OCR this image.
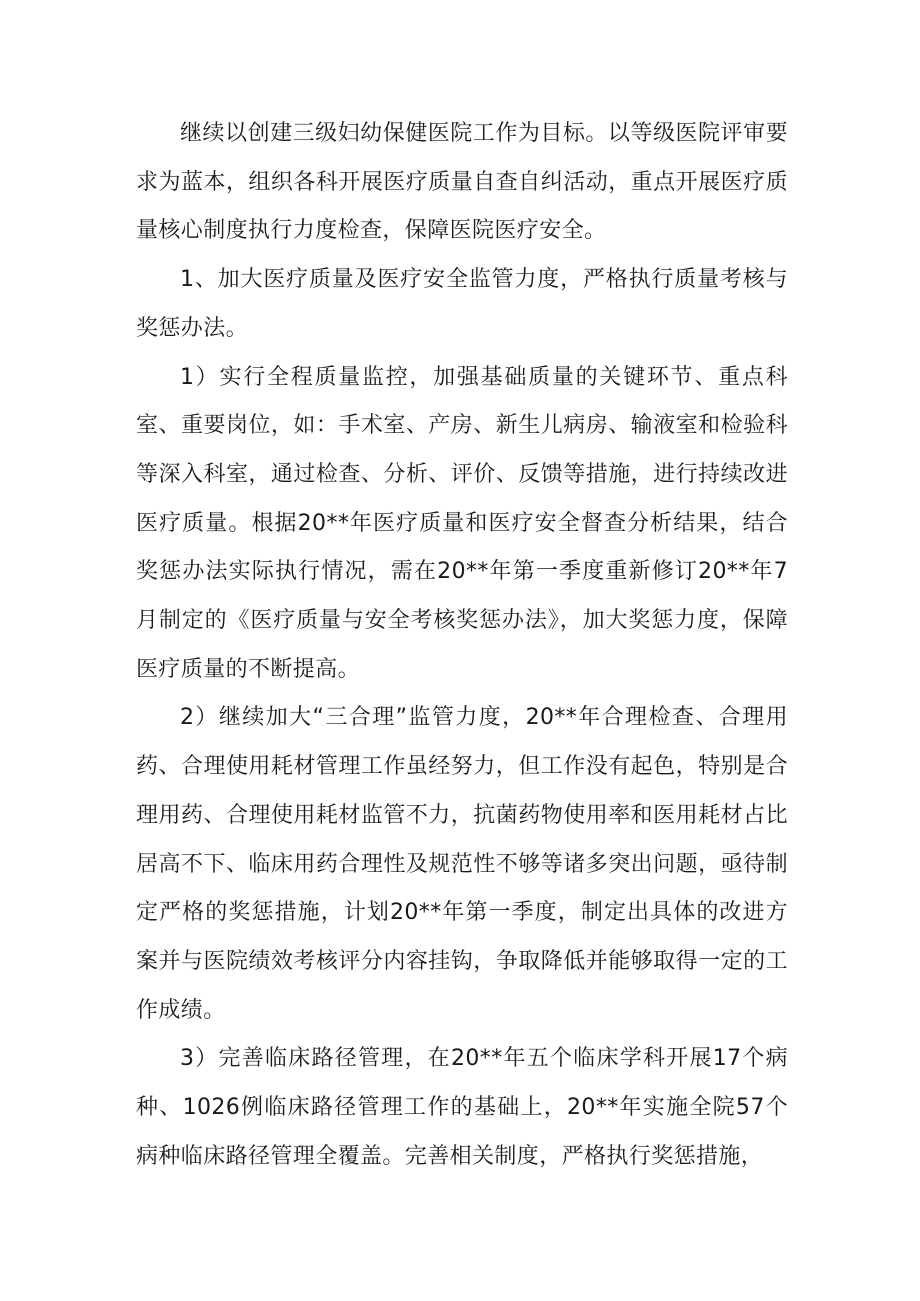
继续以创建三级妇幼保健医院工作为目标。以等级医院评审要求为蓝本，组织各科开展医疗质量自查自纠活动，重点开展医疗质量核心制度执行力度检查，保障医院医疗安全。

1、加大医疗质量及医疗安全监管力度，严格执行质量考核与奖惩办法。

1）实行全程质量监控，加强基础质量的关键环节、重点科室、重要岗位，如：手术室、产房、新生儿病房、输液室和检验科等深入科室，通过检查、分析、评价、反馈等措施，进行持续改进医疗质量。根据20**年医疗质量和医疗安全督查分析结果，结合奖惩办法实际执行情况，需在20**年第一季度重新修订20**年7月制定的《医疗质量与安全考核奖惩办法》，加大奖惩力度，保障医疗质量的不断提高。

2）继续加大“三合理”监管力度，20**年合理检查、合理用药、合理使用耗材管理工作虽经努力，但工作没有起色，特别是合理用药、合理使用耗材监管不力，抗菌药物使用率和医用耗材占比居高不下、临床用药合理性及规范性不够等诸多突出问题，亟待制定严格的奖惩措施，计划20**年第一季度，制定出具体的改进方案并与医院绩效考核评分内容挂钩，争取降低并能够取得一定的工作成绩。

3）完善临床路径管理，在20**年五个临床学科开展17个病种、1026例临床路径管理工作的基础上，20**年实施全院57个病种临床路径管理全覆盖。完善相关制度，严格执行奖惩措施，
